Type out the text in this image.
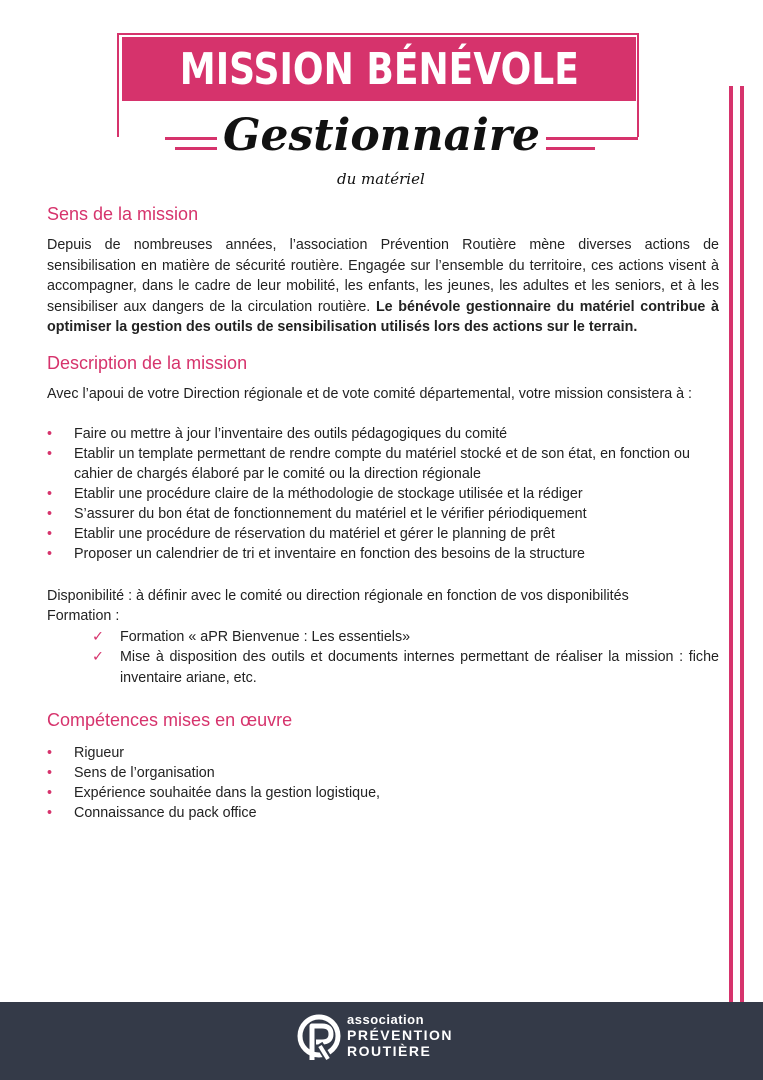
MISSION BÉNÉVOLE
Gestionnaire
du matériel
Sens de la mission

Depuis de nombreuses années, l’association Prévention Routière mène diverses actions de sensibilisation en matière de sécurité routière. Engagée sur l’ensemble du territoire, ces actions visent à accompagner, dans le cadre de leur mobilité, les enfants, les jeunes, les adultes et les seniors, et à les sensibiliser aux dangers de la circulation routière. Le bénévole gestionnaire du matériel contribue à optimiser la gestion des outils de sensibilisation utilisés lors des actions sur le terrain.

Description de la mission

Avec l’apoui de votre Direction régionale et de vote comité départemental, votre mission consistera à :

• Faire ou mettre à jour l’inventaire des outils pédagogiques du comité
• Etablir un template permettant de rendre compte du matériel stocké et de son état, en fonction ou cahier de chargés élaboré par le comité ou la direction régionale
• Etablir une procédure claire de la méthodologie de stockage utilisée et la rédiger
• S’assurer du bon état de fonctionnement du matériel et le vérifier périodiquement
• Etablir une procédure de réservation du matériel et gérer le planning de prêt
• Proposer un calendrier de tri et inventaire en fonction des besoins de la structure

Disponibilité : à définir avec le comité ou direction régionale en fonction de vos disponibilités

Formation :

✓ Formation « aPR Bienvenue : Les essentiels»
✓ Mise à disposition des outils et documents internes permettant de réaliser la mission : fiche inventaire ariane, etc.
Compétences mises en œuvre
• Rigueur
• Sens de l’organisation
• Expérience souhaitée dans la gestion logistique,
• Connaissance du pack office
association
PRÉVENTION
ROUTIÈRE
